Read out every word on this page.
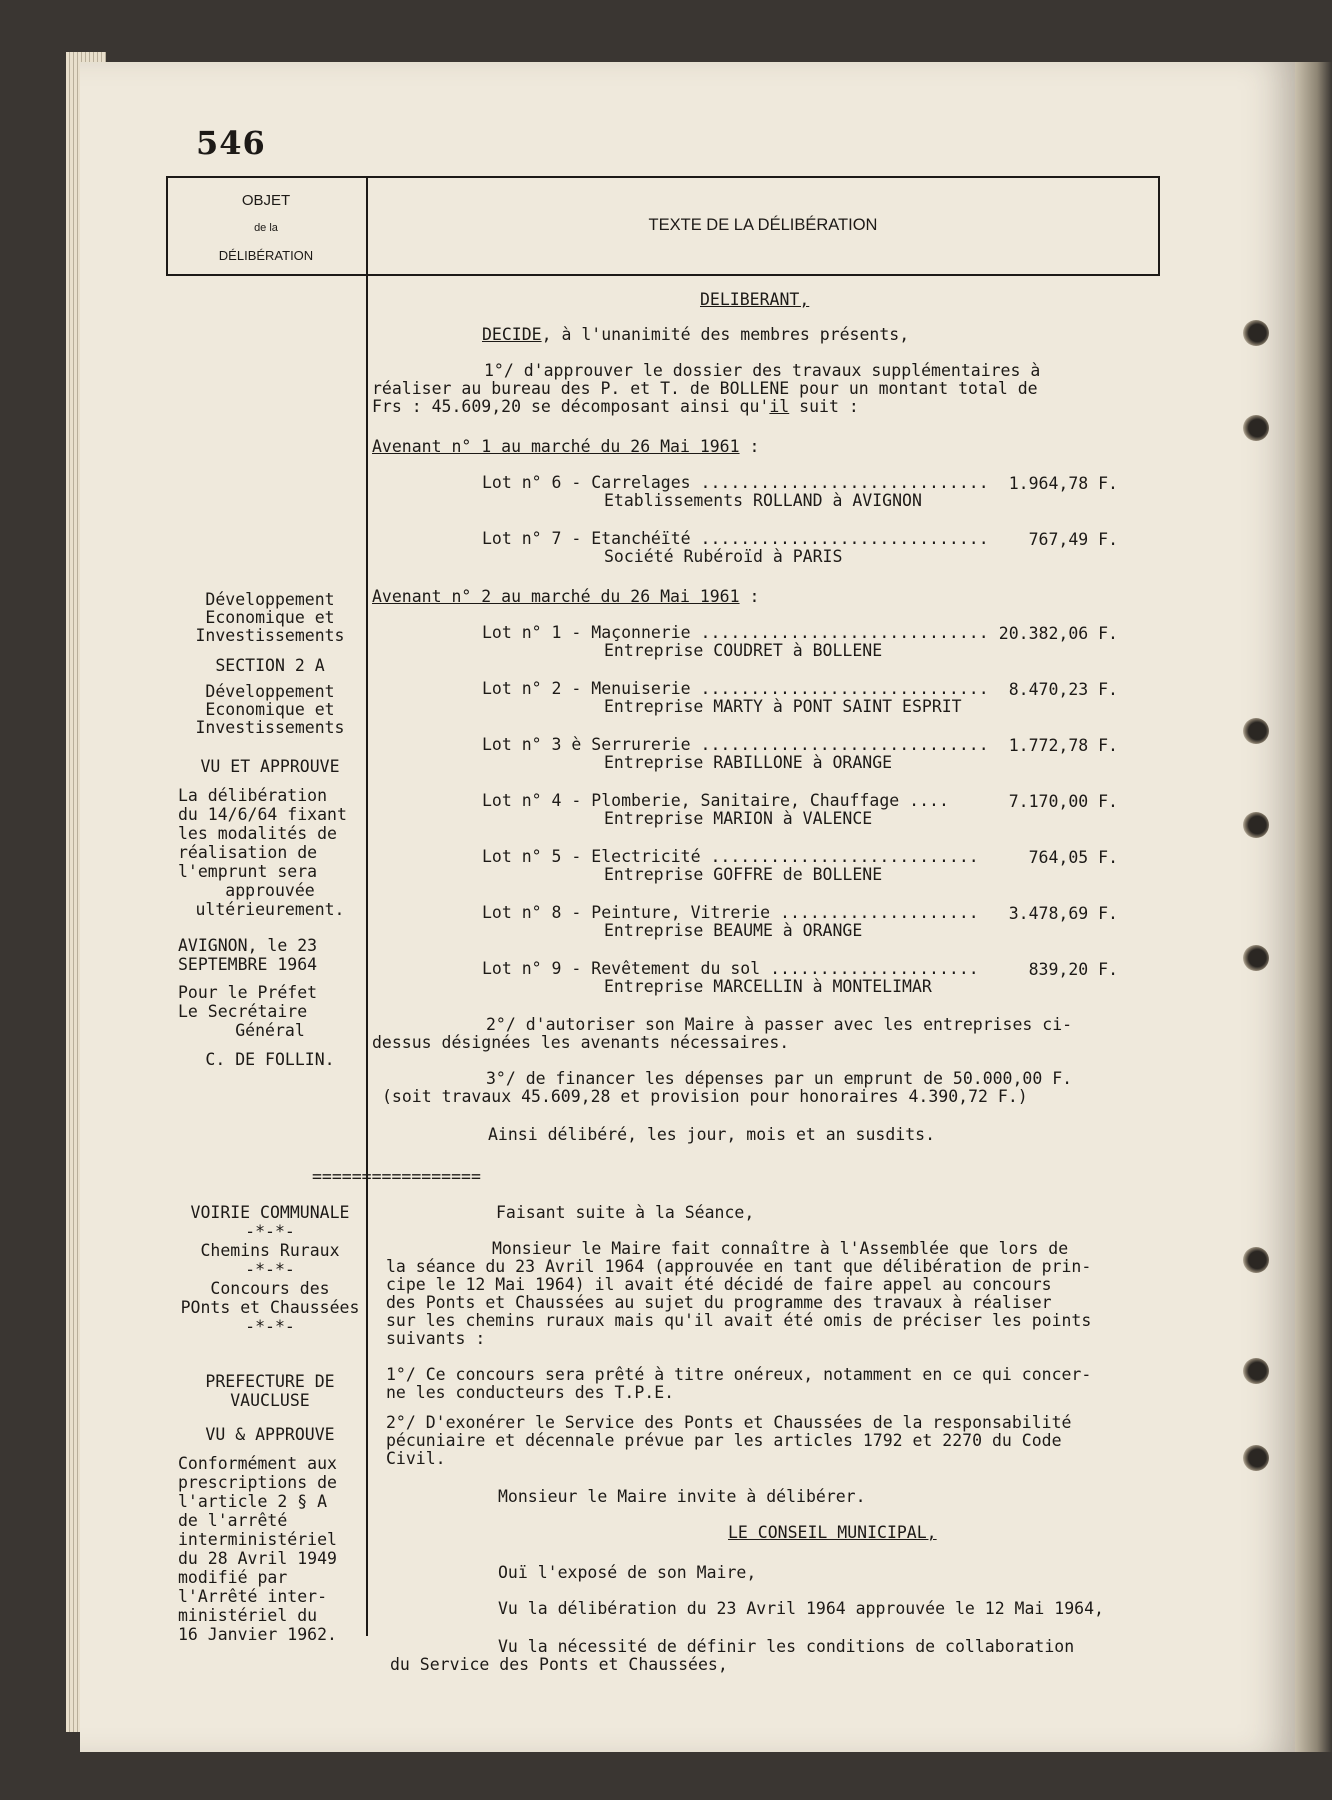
546
OBJET
de la
DÉLIBÉRATION
TEXTE DE LA DÉLIBÉRATION
Développement
Economique et
Investissements
SECTION 2 A
Développement
Economique et
Investissements
VU ET APPROUVE
La délibération
du 14/6/64 fixant
les modalités de
réalisation de
l'emprunt sera
approuvée
ultérieurement.
AVIGNON, le 23
SEPTEMBRE 1964
Pour le Préfet
Le Secrétaire
Général
C. DE FOLLIN.
VOIRIE COMMUNALE
-*-*-
Chemins Ruraux
-*-*-
Concours des
POnts et Chaussées
-*-*-
PREFECTURE DE
VAUCLUSE
VU & APPROUVE
Conformément aux
prescriptions de
l'article 2 § A
de l'arrêté
interministériel
du 28 Avril 1949
modifié par
l'Arrêté inter-
ministériel du
16 Janvier 1962.
DELIBERANT,
DECIDE, à l'unanimité des membres présents,
1°/ d'approuver le dossier des travaux supplémentaires à
réaliser au bureau des P. et T. de BOLLENE pour un montant total de
Frs : 45.609,20 se décomposant ainsi qu'il suit :
Avenant n° 1 au marché du 26 Mai 1961 :
Lot n° 6 - Carrelages .............................
Etablissements ROLLAND à AVIGNON
1.964,78 F.
Lot n° 7 - Etanchéïté .............................
Société Rubéroïd à PARIS
767,49 F.
Avenant n° 2 au marché du 26 Mai 1961 :
Lot n° 1 - Maçonnerie .............................
Entreprise COUDRET à BOLLENE
20.382,06 F.
Lot n° 2 - Menuiserie .............................
Entreprise MARTY à PONT SAINT ESPRIT
8.470,23 F.
Lot n° 3 è Serrurerie .............................
Entreprise RABILLONE à ORANGE
1.772,78 F.
Lot n° 4 - Plomberie, Sanitaire, Chauffage ....
Entreprise MARION à VALENCE
7.170,00 F.
Lot n° 5 - Electricité ...........................
Entreprise GOFFRE de BOLLENE
764,05 F.
Lot n° 8 - Peinture, Vitrerie ....................
Entreprise BEAUME à ORANGE
3.478,69 F.
Lot n° 9 - Revêtement du sol .....................
Entreprise MARCELLIN à MONTELIMAR
839,20 F.
2°/ d'autoriser son Maire à passer avec les entreprises ci-
dessus désignées les avenants nécessaires.
3°/ de financer les dépenses par un emprunt de 50.000,00 F.
(soit travaux 45.609,28 et provision pour honoraires 4.390,72 F.)
Ainsi délibéré, les jour, mois et an susdits.
=================
Faisant suite à la Séance,
Monsieur le Maire fait connaître à l'Assemblée que lors de
la séance du 23 Avril 1964 (approuvée en tant que délibération de prin-
cipe le 12 Mai 1964) il avait été décidé de faire appel au concours
des Ponts et Chaussées au sujet du programme des travaux à réaliser
sur les chemins ruraux mais qu'il avait été omis de préciser les points
suivants :
1°/ Ce concours sera prêté à titre onéreux, notamment en ce qui concer-
ne les conducteurs des T.P.E.
2°/ D'exonérer le Service des Ponts et Chaussées de la responsabilité
pécuniaire et décennale prévue par les articles 1792 et 2270 du Code
Civil.
Monsieur le Maire invite à délibérer.
LE CONSEIL MUNICIPAL,
Ouï l'exposé de son Maire,
Vu la délibération du 23 Avril 1964 approuvée le 12 Mai 1964,
Vu la nécessité de définir les conditions de collaboration
du Service des Ponts et Chaussées,
